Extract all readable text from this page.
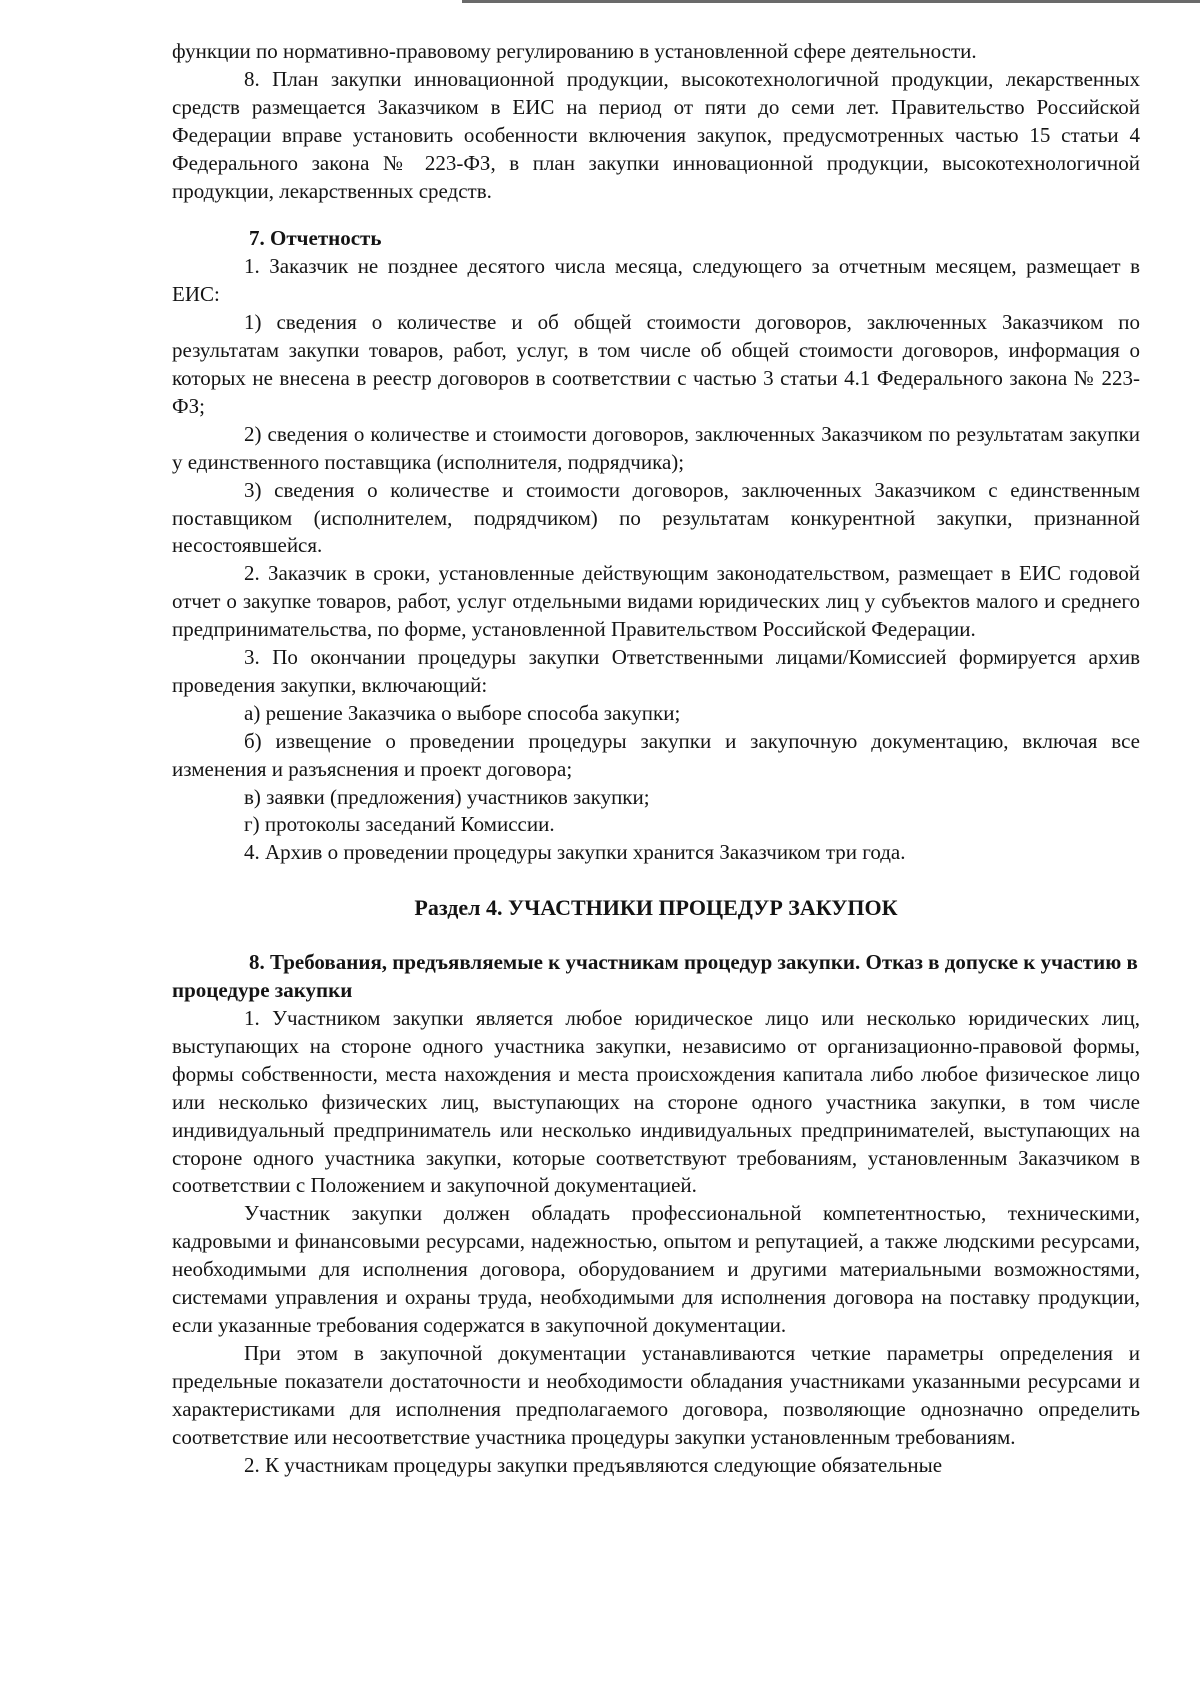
функции по нормативно-правовому регулированию в установленной сфере деятельности.

8. План закупки инновационной продукции, высокотехнологичной продукции, лекарственных средств размещается Заказчиком в ЕИС на период от пяти до семи лет. Правительство Российской Федерации вправе установить особенности включения закупок, предусмотренных частью 15 статьи 4 Федерального закона № 223-ФЗ, в план закупки инновационной продукции, высокотехнологичной продукции, лекарственных средств.

7. Отчетность

1. Заказчик не позднее десятого числа месяца, следующего за отчетным месяцем, размещает в ЕИС:

1) сведения о количестве и об общей стоимости договоров, заключенных Заказчиком по результатам закупки товаров, работ, услуг, в том числе об общей стоимости договоров, информация о которых не внесена в реестр договоров в соответствии с частью 3 статьи 4.1 Федерального закона № 223-ФЗ;

2) сведения о количестве и стоимости договоров, заключенных Заказчиком по результатам закупки у единственного поставщика (исполнителя, подрядчика);

3) сведения о количестве и стоимости договоров, заключенных Заказчиком с единственным поставщиком (исполнителем, подрядчиком) по результатам конкурентной закупки, признанной несостоявшейся.

2. Заказчик в сроки, установленные действующим законодательством, размещает в ЕИС годовой отчет о закупке товаров, работ, услуг отдельными видами юридических лиц у субъектов малого и среднего предпринимательства, по форме, установленной Правительством Российской Федерации.

3. По окончании процедуры закупки Ответственными лицами/Комиссией формируется архив проведения закупки, включающий:

а) решение Заказчика о выборе способа закупки;

б) извещение о проведении процедуры закупки и закупочную документацию, включая все изменения и разъяснения и проект договора;

в) заявки (предложения) участников закупки;

г) протоколы заседаний Комиссии.

4. Архив о проведении процедуры закупки хранится Заказчиком три года.

Раздел 4. УЧАСТНИКИ ПРОЦЕДУР ЗАКУПОК

8. Требования, предъявляемые к участникам процедур закупки. Отказ в допуске к участию в процедуре закупки

1. Участником закупки является любое юридическое лицо или несколько юридических лиц, выступающих на стороне одного участника закупки, независимо от организационно-правовой формы, формы собственности, места нахождения и места происхождения капитала либо любое физическое лицо или несколько физических лиц, выступающих на стороне одного участника закупки, в том числе индивидуальный предприниматель или несколько индивидуальных предпринимателей, выступающих на стороне одного участника закупки, которые соответствуют требованиям, установленным Заказчиком в соответствии с Положением и закупочной документацией.

Участник закупки должен обладать профессиональной компетентностью, техническими, кадровыми и финансовыми ресурсами, надежностью, опытом и репутацией, а также людскими ресурсами, необходимыми для исполнения договора, оборудованием и другими материальными возможностями, системами управления и охраны труда, необходимыми для исполнения договора на поставку продукции, если указанные требования содержатся в закупочной документации.

При этом в закупочной документации устанавливаются четкие параметры определения и предельные показатели достаточности и необходимости обладания участниками указанными ресурсами и характеристиками для исполнения предполагаемого договора, позволяющие однозначно определить соответствие или несоответствие участника процедуры закупки установленным требованиям.

2. К участникам процедуры закупки предъявляются следующие обязательные
